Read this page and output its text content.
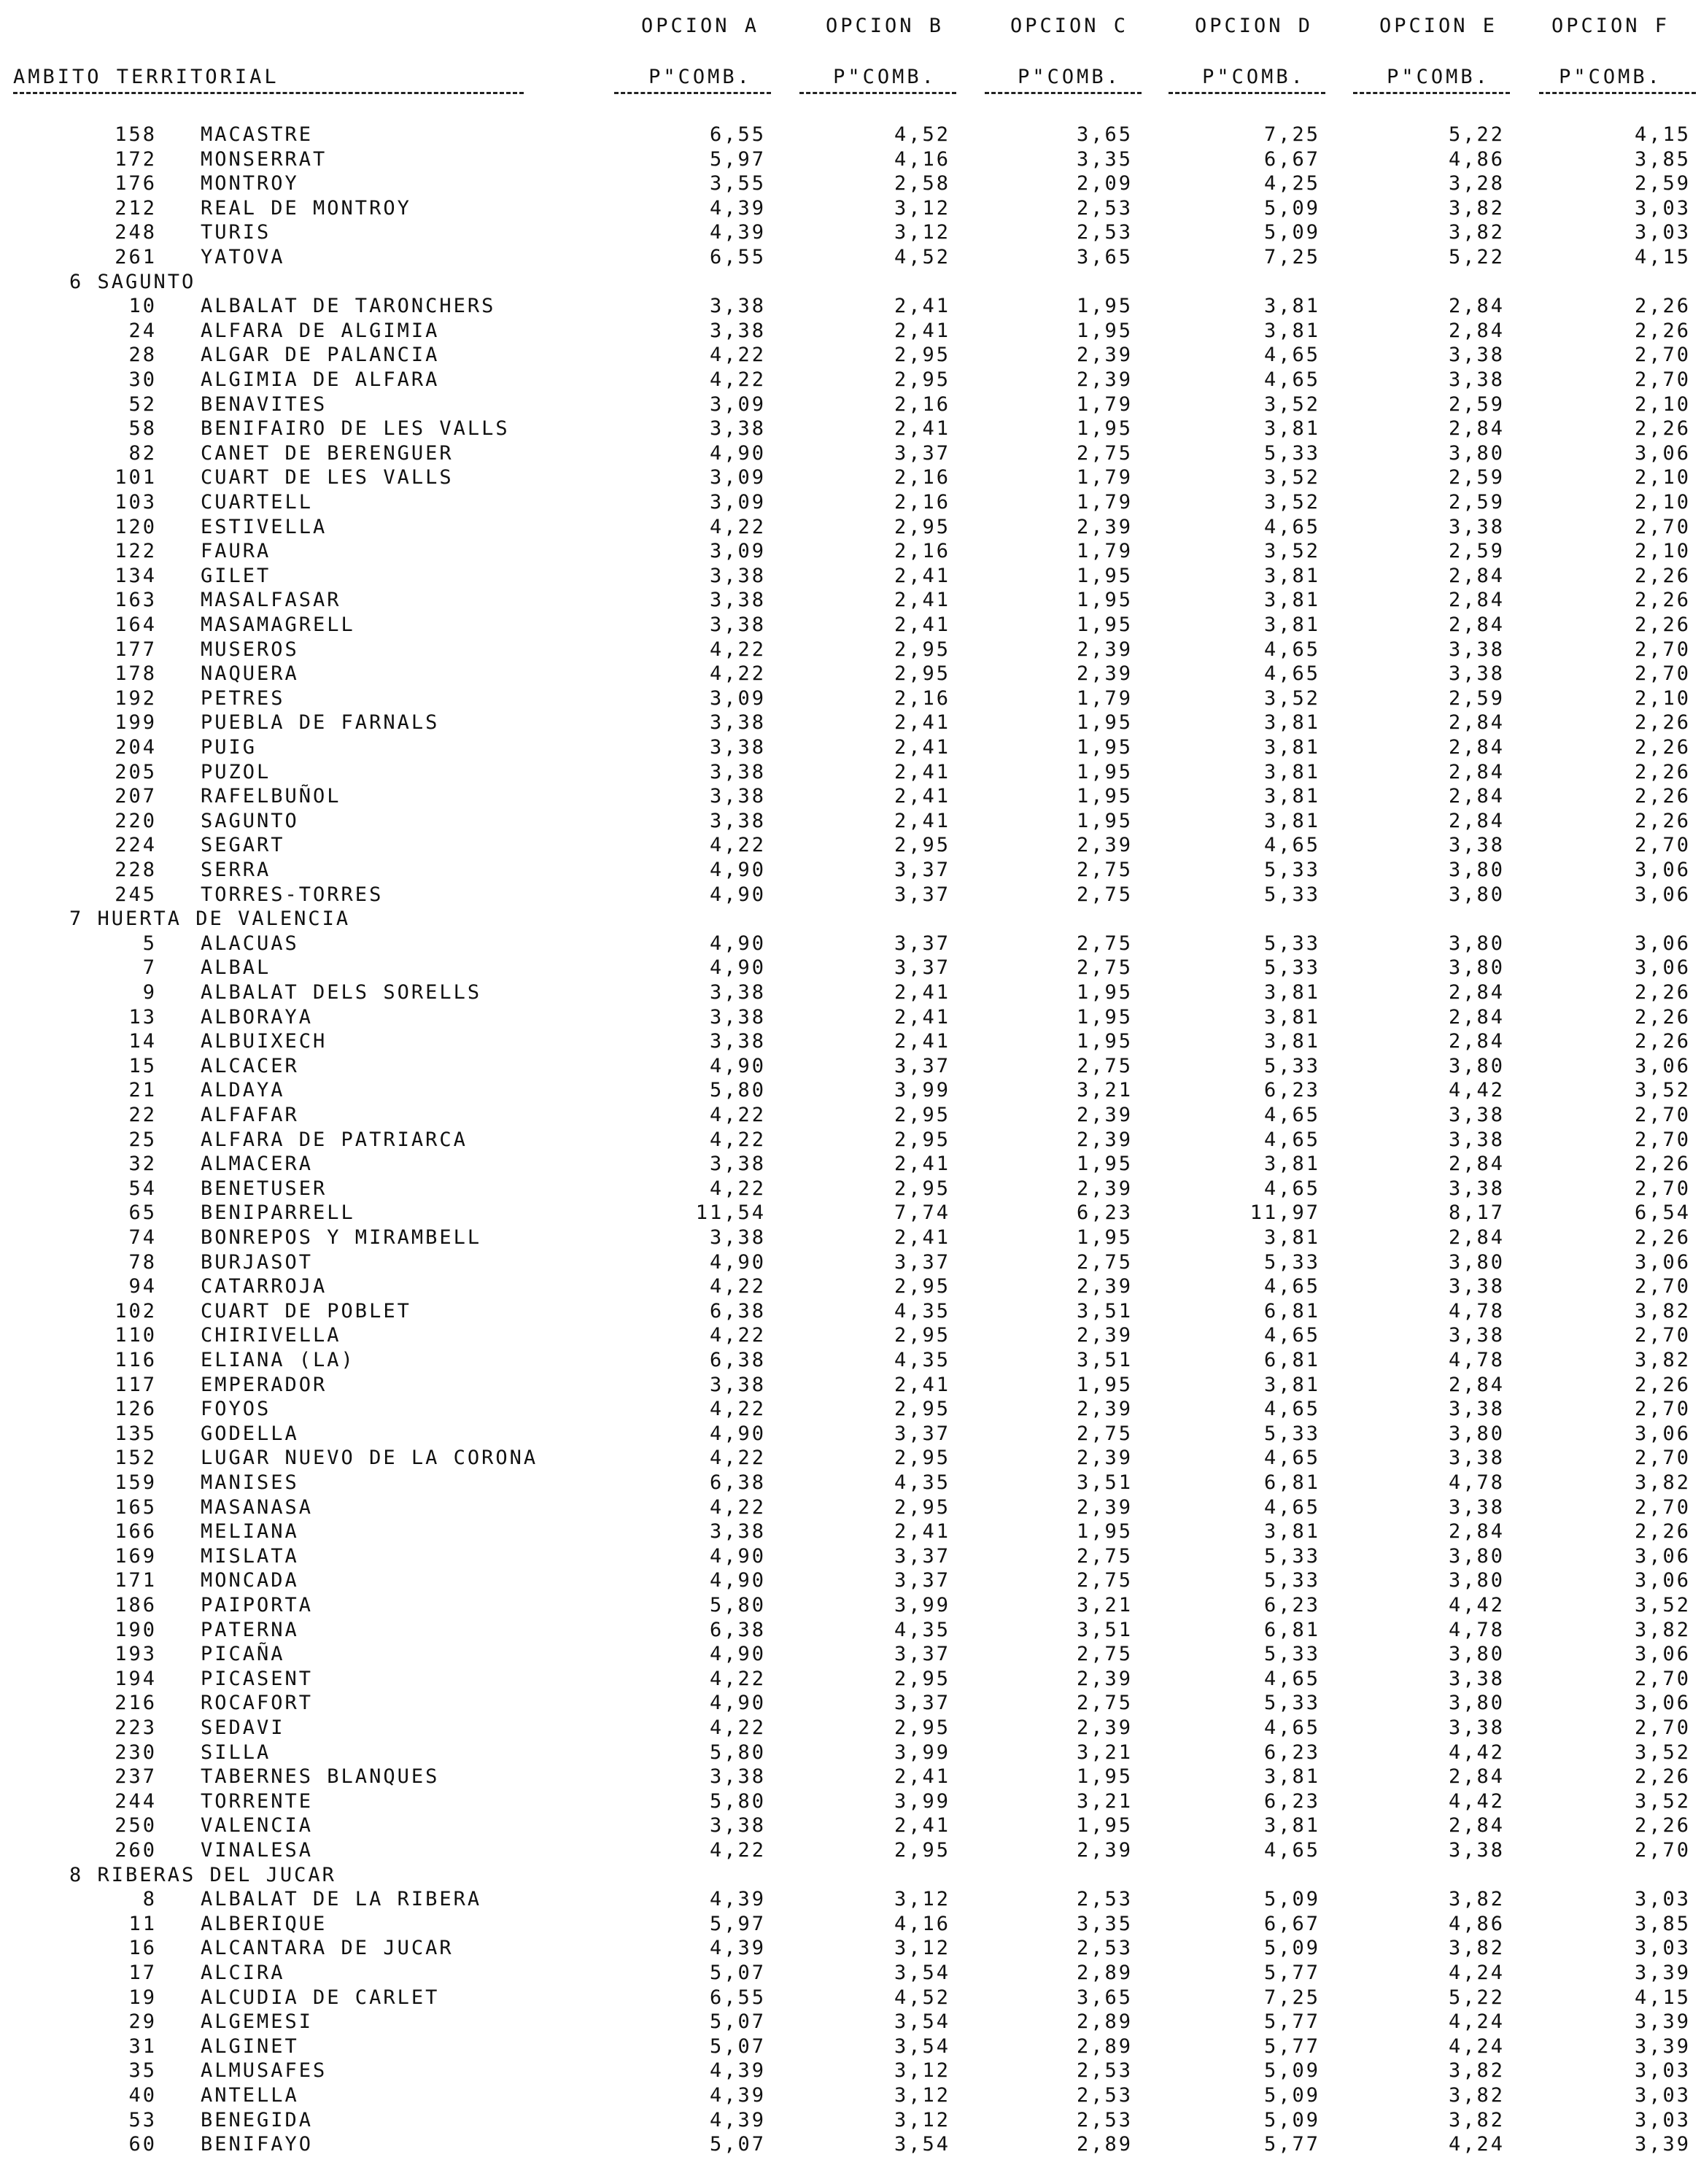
OPCION A	OPCION B	OPCION C	OPCION D	OPCION E	OPCION F
AMBITO TERRITORIAL	P"COMB.	P"COMB.	P"COMB.	P"COMB.	P"COMB.	P"COMB.
158 MACASTRE	6,55	4,52	3,65	7,25	5,22	4,15
172 MONSERRAT	5,97	4,16	3,35	6,67	4,86	3,85
176 MONTROY	3,55	2,58	2,09	4,25	3,28	2,59
212 REAL DE MONTROY	4,39	3,12	2,53	5,09	3,82	3,03
248 TURIS	4,39	3,12	2,53	5,09	3,82	3,03
261 YATOVA	6,55	4,52	3,65	7,25	5,22	4,15
6 SAGUNTO
10 ALBALAT DE TARONCHERS	3,38	2,41	1,95	3,81	2,84	2,26
24 ALFARA DE ALGIMIA	3,38	2,41	1,95	3,81	2,84	2,26
28 ALGAR DE PALANCIA	4,22	2,95	2,39	4,65	3,38	2,70
30 ALGIMIA DE ALFARA	4,22	2,95	2,39	4,65	3,38	2,70
52 BENAVITES	3,09	2,16	1,79	3,52	2,59	2,10
58 BENIFAIRO DE LES VALLS	3,38	2,41	1,95	3,81	2,84	2,26
82 CANET DE BERENGUER	4,90	3,37	2,75	5,33	3,80	3,06
101 CUART DE LES VALLS	3,09	2,16	1,79	3,52	2,59	2,10
103 CUARTELL	3,09	2,16	1,79	3,52	2,59	2,10
120 ESTIVELLA	4,22	2,95	2,39	4,65	3,38	2,70
122 FAURA	3,09	2,16	1,79	3,52	2,59	2,10
134 GILET	3,38	2,41	1,95	3,81	2,84	2,26
163 MASALFASAR	3,38	2,41	1,95	3,81	2,84	2,26
164 MASAMAGRELL	3,38	2,41	1,95	3,81	2,84	2,26
177 MUSEROS	4,22	2,95	2,39	4,65	3,38	2,70
178 NAQUERA	4,22	2,95	2,39	4,65	3,38	2,70
192 PETRES	3,09	2,16	1,79	3,52	2,59	2,10
199 PUEBLA DE FARNALS	3,38	2,41	1,95	3,81	2,84	2,26
204 PUIG	3,38	2,41	1,95	3,81	2,84	2,26
205 PUZOL	3,38	2,41	1,95	3,81	2,84	2,26
207 RAFELBUÑOL	3,38	2,41	1,95	3,81	2,84	2,26
220 SAGUNTO	3,38	2,41	1,95	3,81	2,84	2,26
224 SEGART	4,22	2,95	2,39	4,65	3,38	2,70
228 SERRA	4,90	3,37	2,75	5,33	3,80	3,06
245 TORRES-TORRES	4,90	3,37	2,75	5,33	3,80	3,06
7 HUERTA DE VALENCIA
5 ALACUAS	4,90	3,37	2,75	5,33	3,80	3,06
7 ALBAL	4,90	3,37	2,75	5,33	3,80	3,06
9 ALBALAT DELS SORELLS	3,38	2,41	1,95	3,81	2,84	2,26
13 ALBORAYA	3,38	2,41	1,95	3,81	2,84	2,26
14 ALBUIXECH	3,38	2,41	1,95	3,81	2,84	2,26
15 ALCACER	4,90	3,37	2,75	5,33	3,80	3,06
21 ALDAYA	5,80	3,99	3,21	6,23	4,42	3,52
22 ALFAFAR	4,22	2,95	2,39	4,65	3,38	2,70
25 ALFARA DE PATRIARCA	4,22	2,95	2,39	4,65	3,38	2,70
32 ALMACERA	3,38	2,41	1,95	3,81	2,84	2,26
54 BENETUSER	4,22	2,95	2,39	4,65	3,38	2,70
65 BENIPARRELL	11,54	7,74	6,23	11,97	8,17	6,54
74 BONREPOS Y MIRAMBELL	3,38	2,41	1,95	3,81	2,84	2,26
78 BURJASOT	4,90	3,37	2,75	5,33	3,80	3,06
94 CATARROJA	4,22	2,95	2,39	4,65	3,38	2,70
102 CUART DE POBLET	6,38	4,35	3,51	6,81	4,78	3,82
110 CHIRIVELLA	4,22	2,95	2,39	4,65	3,38	2,70
116 ELIANA (LA)	6,38	4,35	3,51	6,81	4,78	3,82
117 EMPERADOR	3,38	2,41	1,95	3,81	2,84	2,26
126 FOYOS	4,22	2,95	2,39	4,65	3,38	2,70
135 GODELLA	4,90	3,37	2,75	5,33	3,80	3,06
152 LUGAR NUEVO DE LA CORONA	4,22	2,95	2,39	4,65	3,38	2,70
159 MANISES	6,38	4,35	3,51	6,81	4,78	3,82
165 MASANASA	4,22	2,95	2,39	4,65	3,38	2,70
166 MELIANA	3,38	2,41	1,95	3,81	2,84	2,26
169 MISLATA	4,90	3,37	2,75	5,33	3,80	3,06
171 MONCADA	4,90	3,37	2,75	5,33	3,80	3,06
186 PAIPORTA	5,80	3,99	3,21	6,23	4,42	3,52
190 PATERNA	6,38	4,35	3,51	6,81	4,78	3,82
193 PICAÑA	4,90	3,37	2,75	5,33	3,80	3,06
194 PICASENT	4,22	2,95	2,39	4,65	3,38	2,70
216 ROCAFORT	4,90	3,37	2,75	5,33	3,80	3,06
223 SEDAVI	4,22	2,95	2,39	4,65	3,38	2,70
230 SILLA	5,80	3,99	3,21	6,23	4,42	3,52
237 TABERNES BLANQUES	3,38	2,41	1,95	3,81	2,84	2,26
244 TORRENTE	5,80	3,99	3,21	6,23	4,42	3,52
250 VALENCIA	3,38	2,41	1,95	3,81	2,84	2,26
260 VINALESA	4,22	2,95	2,39	4,65	3,38	2,70
8 RIBERAS DEL JUCAR
8 ALBALAT DE LA RIBERA	4,39	3,12	2,53	5,09	3,82	3,03
11 ALBERIQUE	5,97	4,16	3,35	6,67	4,86	3,85
16 ALCANTARA DE JUCAR	4,39	3,12	2,53	5,09	3,82	3,03
17 ALCIRA	5,07	3,54	2,89	5,77	4,24	3,39
19 ALCUDIA DE CARLET	6,55	4,52	3,65	7,25	5,22	4,15
29 ALGEMESI	5,07	3,54	2,89	5,77	4,24	3,39
31 ALGINET	5,07	3,54	2,89	5,77	4,24	3,39
35 ALMUSAFES	4,39	3,12	2,53	5,09	3,82	3,03
40 ANTELLA	4,39	3,12	2,53	5,09	3,82	3,03
53 BENEGIDA	4,39	3,12	2,53	5,09	3,82	3,03
60 BENIFAYO	5,07	3,54	2,89	5,77	4,24	3,39
